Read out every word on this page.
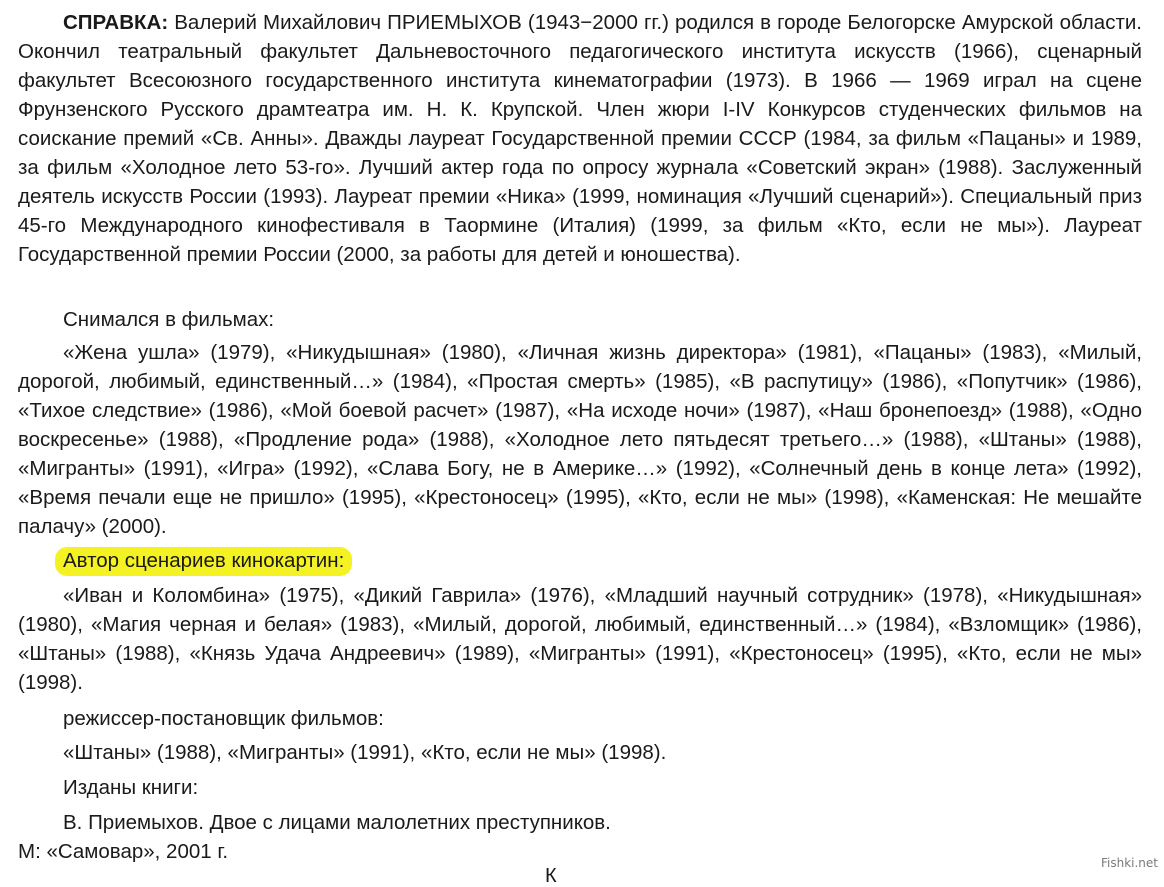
СПРАВКА: Валерий Михайлович ПРИЕМЫХОВ (1943−2000 гг.) родился в городе Белогорске Амурской области. Окончил театральный факультет Дальневосточного педагогического института искусств (1966), сценарный факультет Всесоюзного государственного института кинематографии (1973). В 1966 — 1969 играл на сцене Фрунзенского Русского драмтеатра им. Н. К. Крупской. Член жюри I-IV Конкурсов студенческих фильмов на соискание премий «Св. Анны». Дважды лауреат Государственной премии СССР (1984, за фильм «Пацаны» и 1989, за фильм «Холодное лето 53-го». Лучший актер года по опросу журнала «Советский экран» (1988). Заслуженный деятель искусств России (1993). Лауреат премии «Ника» (1999, номинация «Лучший сценарий»). Специальный приз 45-го Международного кинофестиваля в Таормине (Италия) (1999, за фильм «Кто, если не мы»). Лауреат Государственной премии России (2000, за работы для детей и юношества).

Снимался в фильмах:

«Жена ушла» (1979), «Никудышная» (1980), «Личная жизнь директора» (1981), «Пацаны» (1983), «Милый, дорогой, любимый, единственный…» (1984), «Простая смерть» (1985), «В распутицу» (1986), «Попутчик» (1986), «Тихое следствие» (1986), «Мой боевой расчет» (1987), «На исходе ночи» (1987), «Наш бронепоезд» (1988), «Одно воскресенье» (1988), «Продление рода» (1988), «Холодное лето пятьдесят третьего…» (1988), «Штаны» (1988), «Мигранты» (1991), «Игра» (1992), «Слава Богу, не в Америке…» (1992), «Солнечный день в конце лета» (1992), «Время печали еще не пришло» (1995), «Крестоносец» (1995), «Кто, если не мы» (1998), «Каменская: Не мешайте палачу» (2000).

Автор сценариев кинокартин:

«Иван и Коломбина» (1975), «Дикий Гаврила» (1976), «Младший научный сотрудник» (1978), «Никудышная» (1980), «Магия черная и белая» (1983), «Милый, дорогой, любимый, единственный…» (1984), «Взломщик» (1986), «Штаны» (1988), «Князь Удача Андреевич» (1989), «Мигранты» (1991), «Крестоносец» (1995), «Кто, если не мы» (1998).

режиссер-постановщик фильмов:

«Штаны» (1988), «Мигранты» (1991), «Кто, если не мы» (1998).

Изданы книги:

В. Приемыхов. Двое с лицами малолетних преступников.

М: «Самовар», 2001 г.

К
Fishki.net
